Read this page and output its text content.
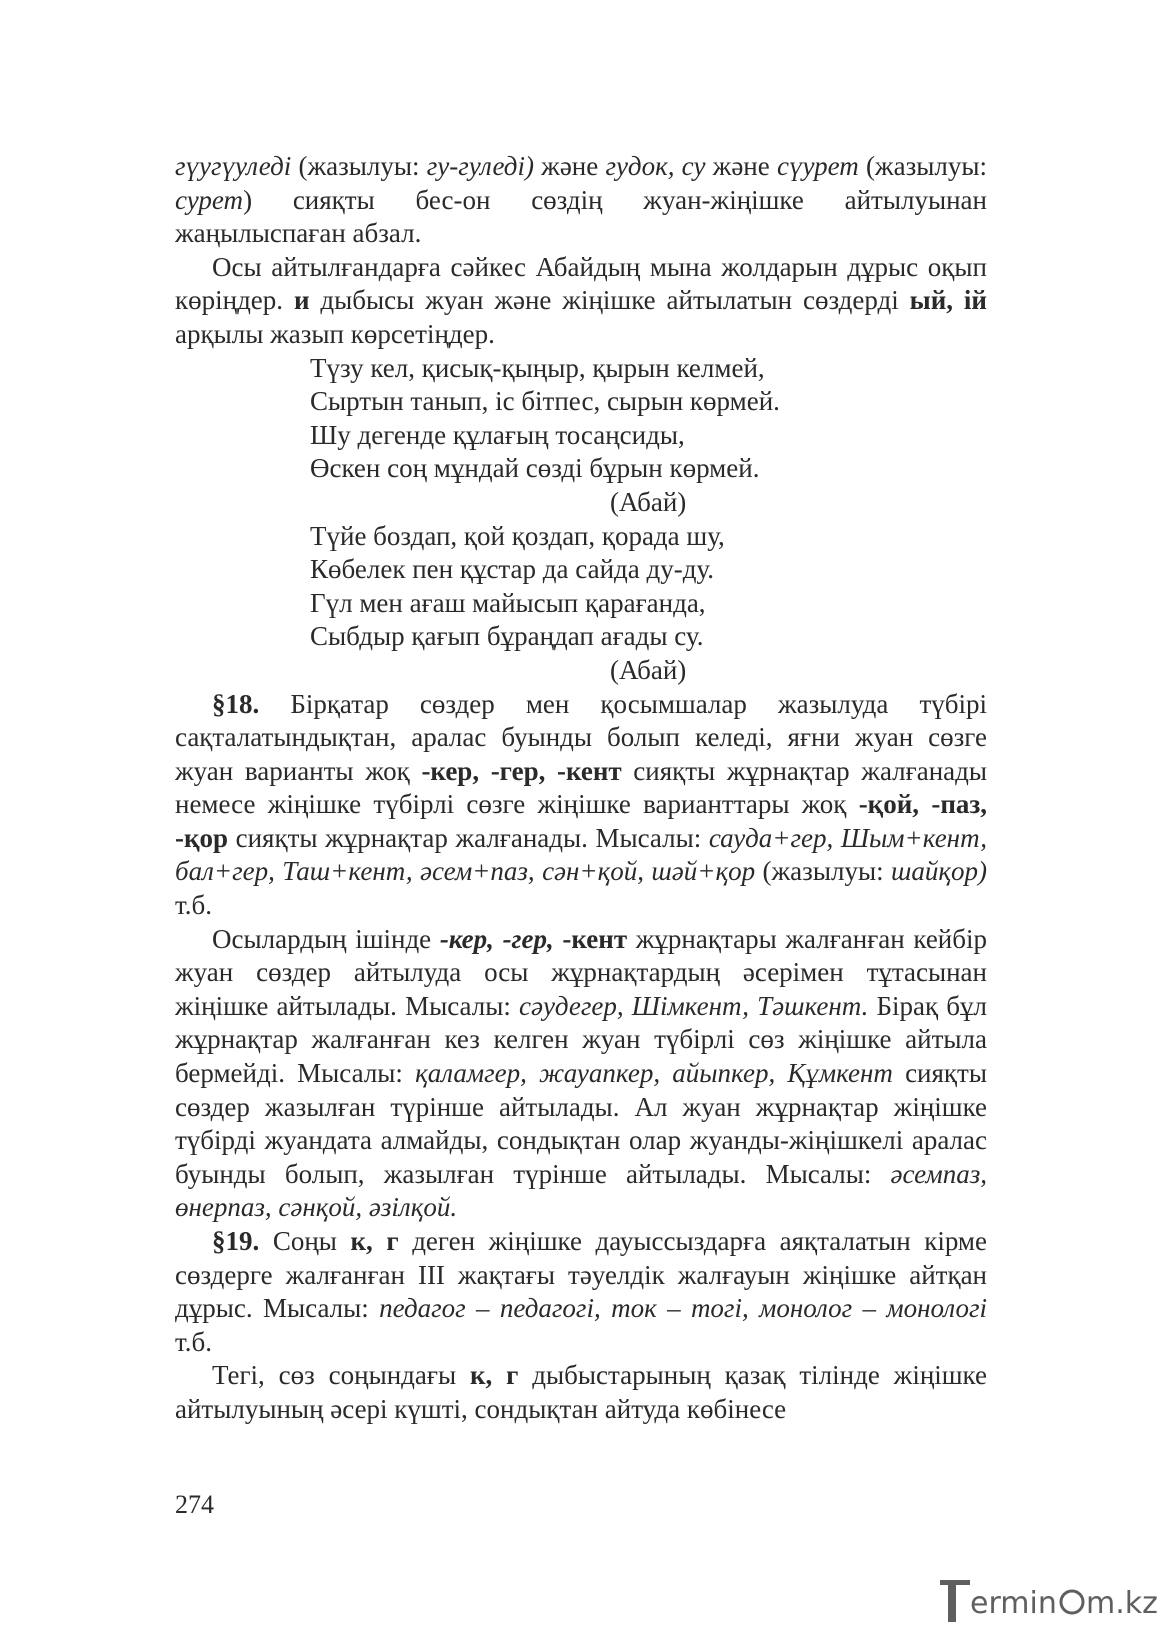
гүугүуледі (жазылуы: гу-гуледі) және гудок, су және сүурет (жазылуы: сурет) сияқты бес-он сөздің жуан-жіңішке айтылуынан жаңылыспаған абзал.

Осы айтылғандарға сәйкес Абайдың мына жолдарын дұрыс оқып көріңдер. и дыбысы жуан және жіңішке айтылатын сөздерді ый, ій арқылы жазып көрсетіңдер.

Түзу кел, қисық-қыңыр, қырын келмей,
Сыртын танып, іс бітпес, сырын көрмей.
Шу дегенде құлағың тосаңсиды,
Өскен соң мұндай сөзді бұрын көрмей.
(Абай)
Түйе боздап, қой қоздап, қорада шу,
Көбелек пен құстар да сайда ду-ду.
Гүл мен ағаш майысып қарағанда,
Сыбдыр қағып бұраңдап ағады су.
(Абай)

§18. Бірқатар сөздер мен қосымшалар жазылуда түбірі сақталатындықтан, аралас буынды болып келеді, яғни жуан сөзге жуан варианты жоқ -кер, -гер, -кент сияқты жұрнақтар жалғанады немесе жіңішке түбірлі сөзге жіңішке варианттары жоқ -қой, -паз, -қор сияқты жұрнақтар жалғанады. Мысалы: сауда+гер, Шым+кент, бал+гер, Таш+кент, әсем+паз, сән+қой, шәй+қор (жазылуы: шайқор) т.б.

Осылардың ішінде -кер, -гер, -кент жұрнақтары жалғанған кейбір жуан сөздер айтылуда осы жұрнақтардың әсерімен тұтасынан жіңішке айтылады. Мысалы: сәудегер, Шімкент, Тәшкент. Бірақ бұл жұрнақтар жалғанған кез келген жуан түбірлі сөз жіңішке айтыла бермейді. Мысалы: қаламгер, жауапкер, айыпкер, Құмкент сияқты сөздер жазылған түрінше айтылады. Ал жуан жұрнақтар жіңішке түбірді жуандата алмайды, сондықтан олар жуанды-жіңішкелі аралас буынды болып, жазылған түрінше айтылады. Мысалы: әсемпаз, өнерпаз, сәнқой, әзілқой.

§19. Соңы к, г деген жіңішке дауыссыздарға аяқталатын кірме сөздерге жалғанған III жақтағы тәуелдік жалғауын жіңішке айтқан дұрыс. Мысалы: педагог – педагогі, ток – тогі, монолог – монологі т.б.

Тегі, сөз соңындағы к, г дыбыстарының қазақ тілінде жіңішке айтылуының әсері күшті, сондықтан айтуда көбінесе

274
ermin m.kz
